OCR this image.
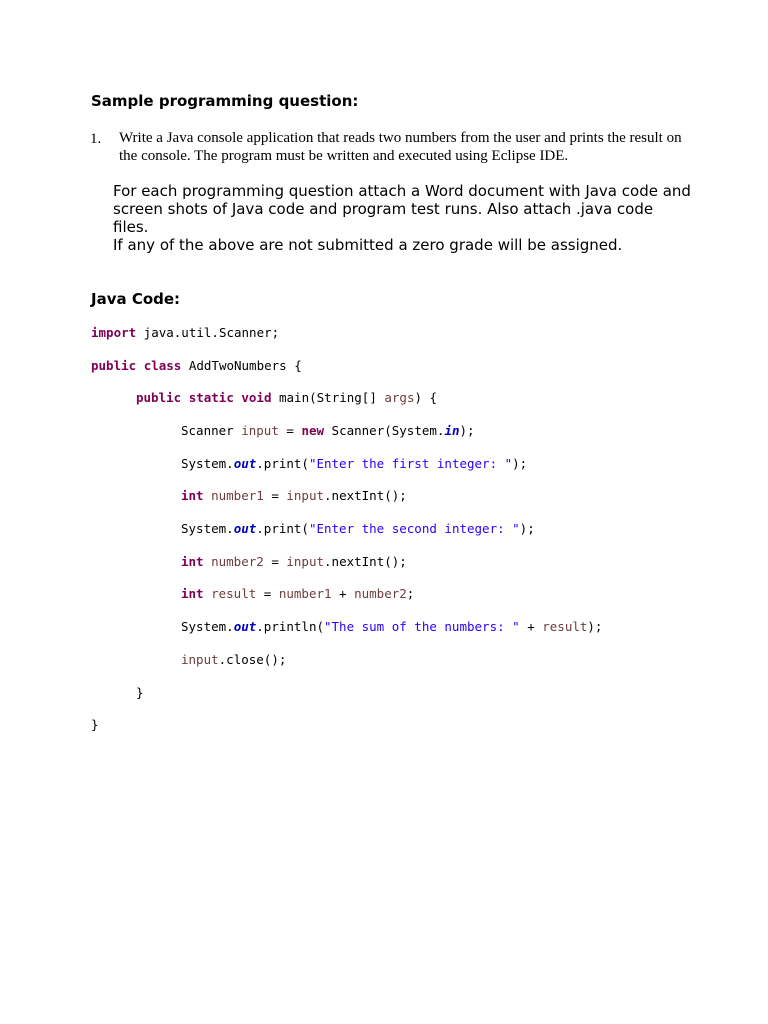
Sample programming question:
1. Write a Java console application that reads two numbers from the user and prints the result on the console. The program must be written and executed using Eclipse IDE.

For each programming question attach a Word document with Java code and screen shots of Java code and program test runs. Also attach .java code files.

If any of the above are not submitted a zero grade will be assigned.

Java Code:
import java.util.Scanner;
public class AddTwoNumbers {
public static void main(String[] args) {
Scanner input = new Scanner(System.in);
System.out.print("Enter the first integer: ");
int number1 = input.nextInt();
System.out.print("Enter the second integer: ");
int number2 = input.nextInt();
int result = number1 + number2;
System.out.println("The sum of the numbers: " + result);
input.close();
}
}
